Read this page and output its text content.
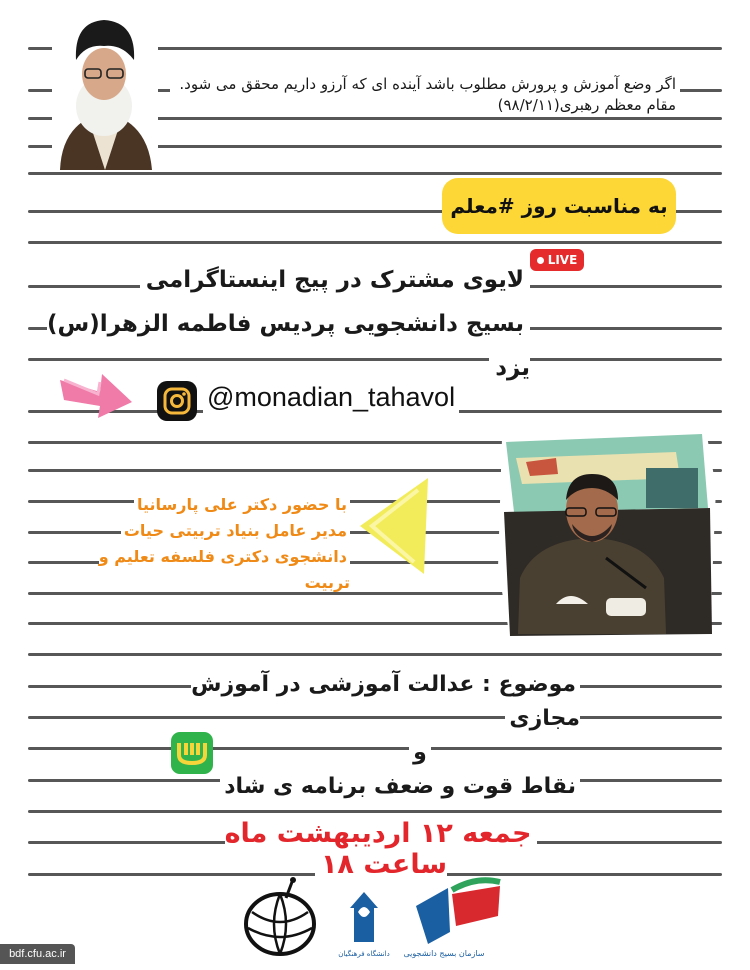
اگر وضع آموزش و پرورش مطلوب باشد آینده ای که آرزو داریم محقق می شود.
مقام معظم رهبری(۹۸/۲/۱۱)
به مناسبت روز #معلم
LIVE
لایوی مشترک در پیج اینستاگرامی
بسیج دانشجویی پردیس فاطمه الزهرا(س) یزد
@monadian_tahavol
با حضور دکتر علی پارسانیا
مدیر عامل بنیاد تربیتی حیات
دانشجوی دکتری فلسفه تعلیم و تربیت
موضوع : عدالت آموزشی در آموزش مجازی
و
نقاط قوت و ضعف برنامه ی شاد
جمعه ۱۲ اردیبهشت ماه ساعت ۱۸
دانشگاه فرهنگیان سازمان بسیج دانشجویی
bdf.cfu.ac.ir
